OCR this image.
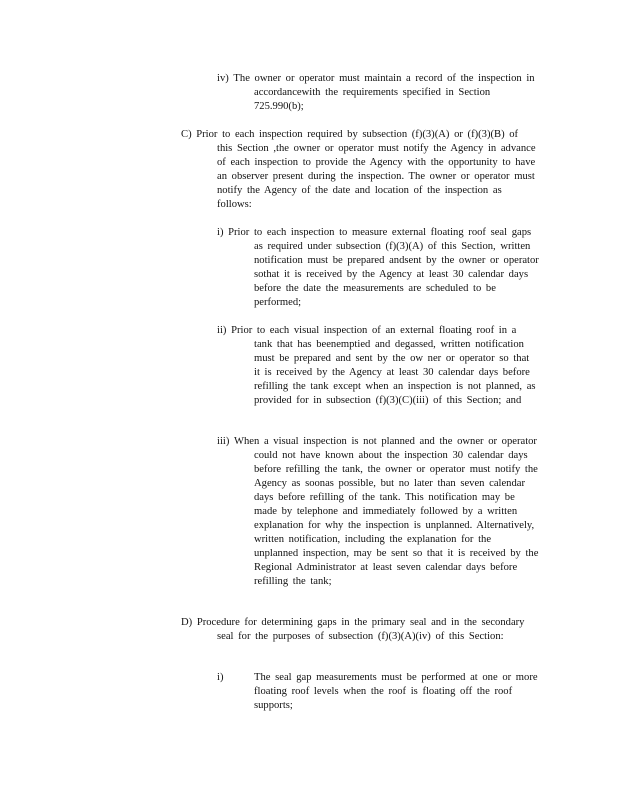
iv) The owner or operator must maintain a record of the inspection in accordancewith the requirements specified in Section 725.990(b);

C) Prior to each inspection required by subsection (f)(3)(A) or (f)(3)(B) of this Section ,the owner or operator must notify the Agency in advance of each inspection to provide the Agency with the opportunity to have an observer present during the inspection. The owner or operator must notify the Agency of the date and location of the inspection as follows:

i) Prior to each inspection to measure external floating roof seal gaps as required under subsection (f)(3)(A) of this Section, written notification must be prepared andsent by the owner or operator sothat it is received by the Agency at least 30 calendar days before the date the measurements are scheduled to be performed;

ii) Prior to each visual inspection of an external floating roof in a tank that has beenemptied and degassed, written notification must be prepared and sent by the ow ner or operator so that it is received by the Agency at least 30 calendar days before refilling the tank except when an inspection is not planned, as provided for in subsection (f)(3)(C)(iii) of this Section; and

iii) When a visual inspection is not planned and the owner or operator could not have known about the inspection 30 calendar days before refilling the tank, the owner or operator must notify the Agency as soonas possible, but no later than seven calendar days before refilling of the tank. This notification may be made by telephone and immediately followed by a written explanation for why the inspection is unplanned. Alternatively, written notification, including the explanation for the unplanned inspection, may be sent so that it is received by the Regional Administrator at least seven calendar days before refilling the tank;

D) Procedure for determining gaps in the primary seal and in the secondary seal for the purposes of subsection (f)(3)(A)(iv) of this Section:

i)	The seal gap measurements must be performed at one or more floating roof levels when the roof is floating off the roof supports;
